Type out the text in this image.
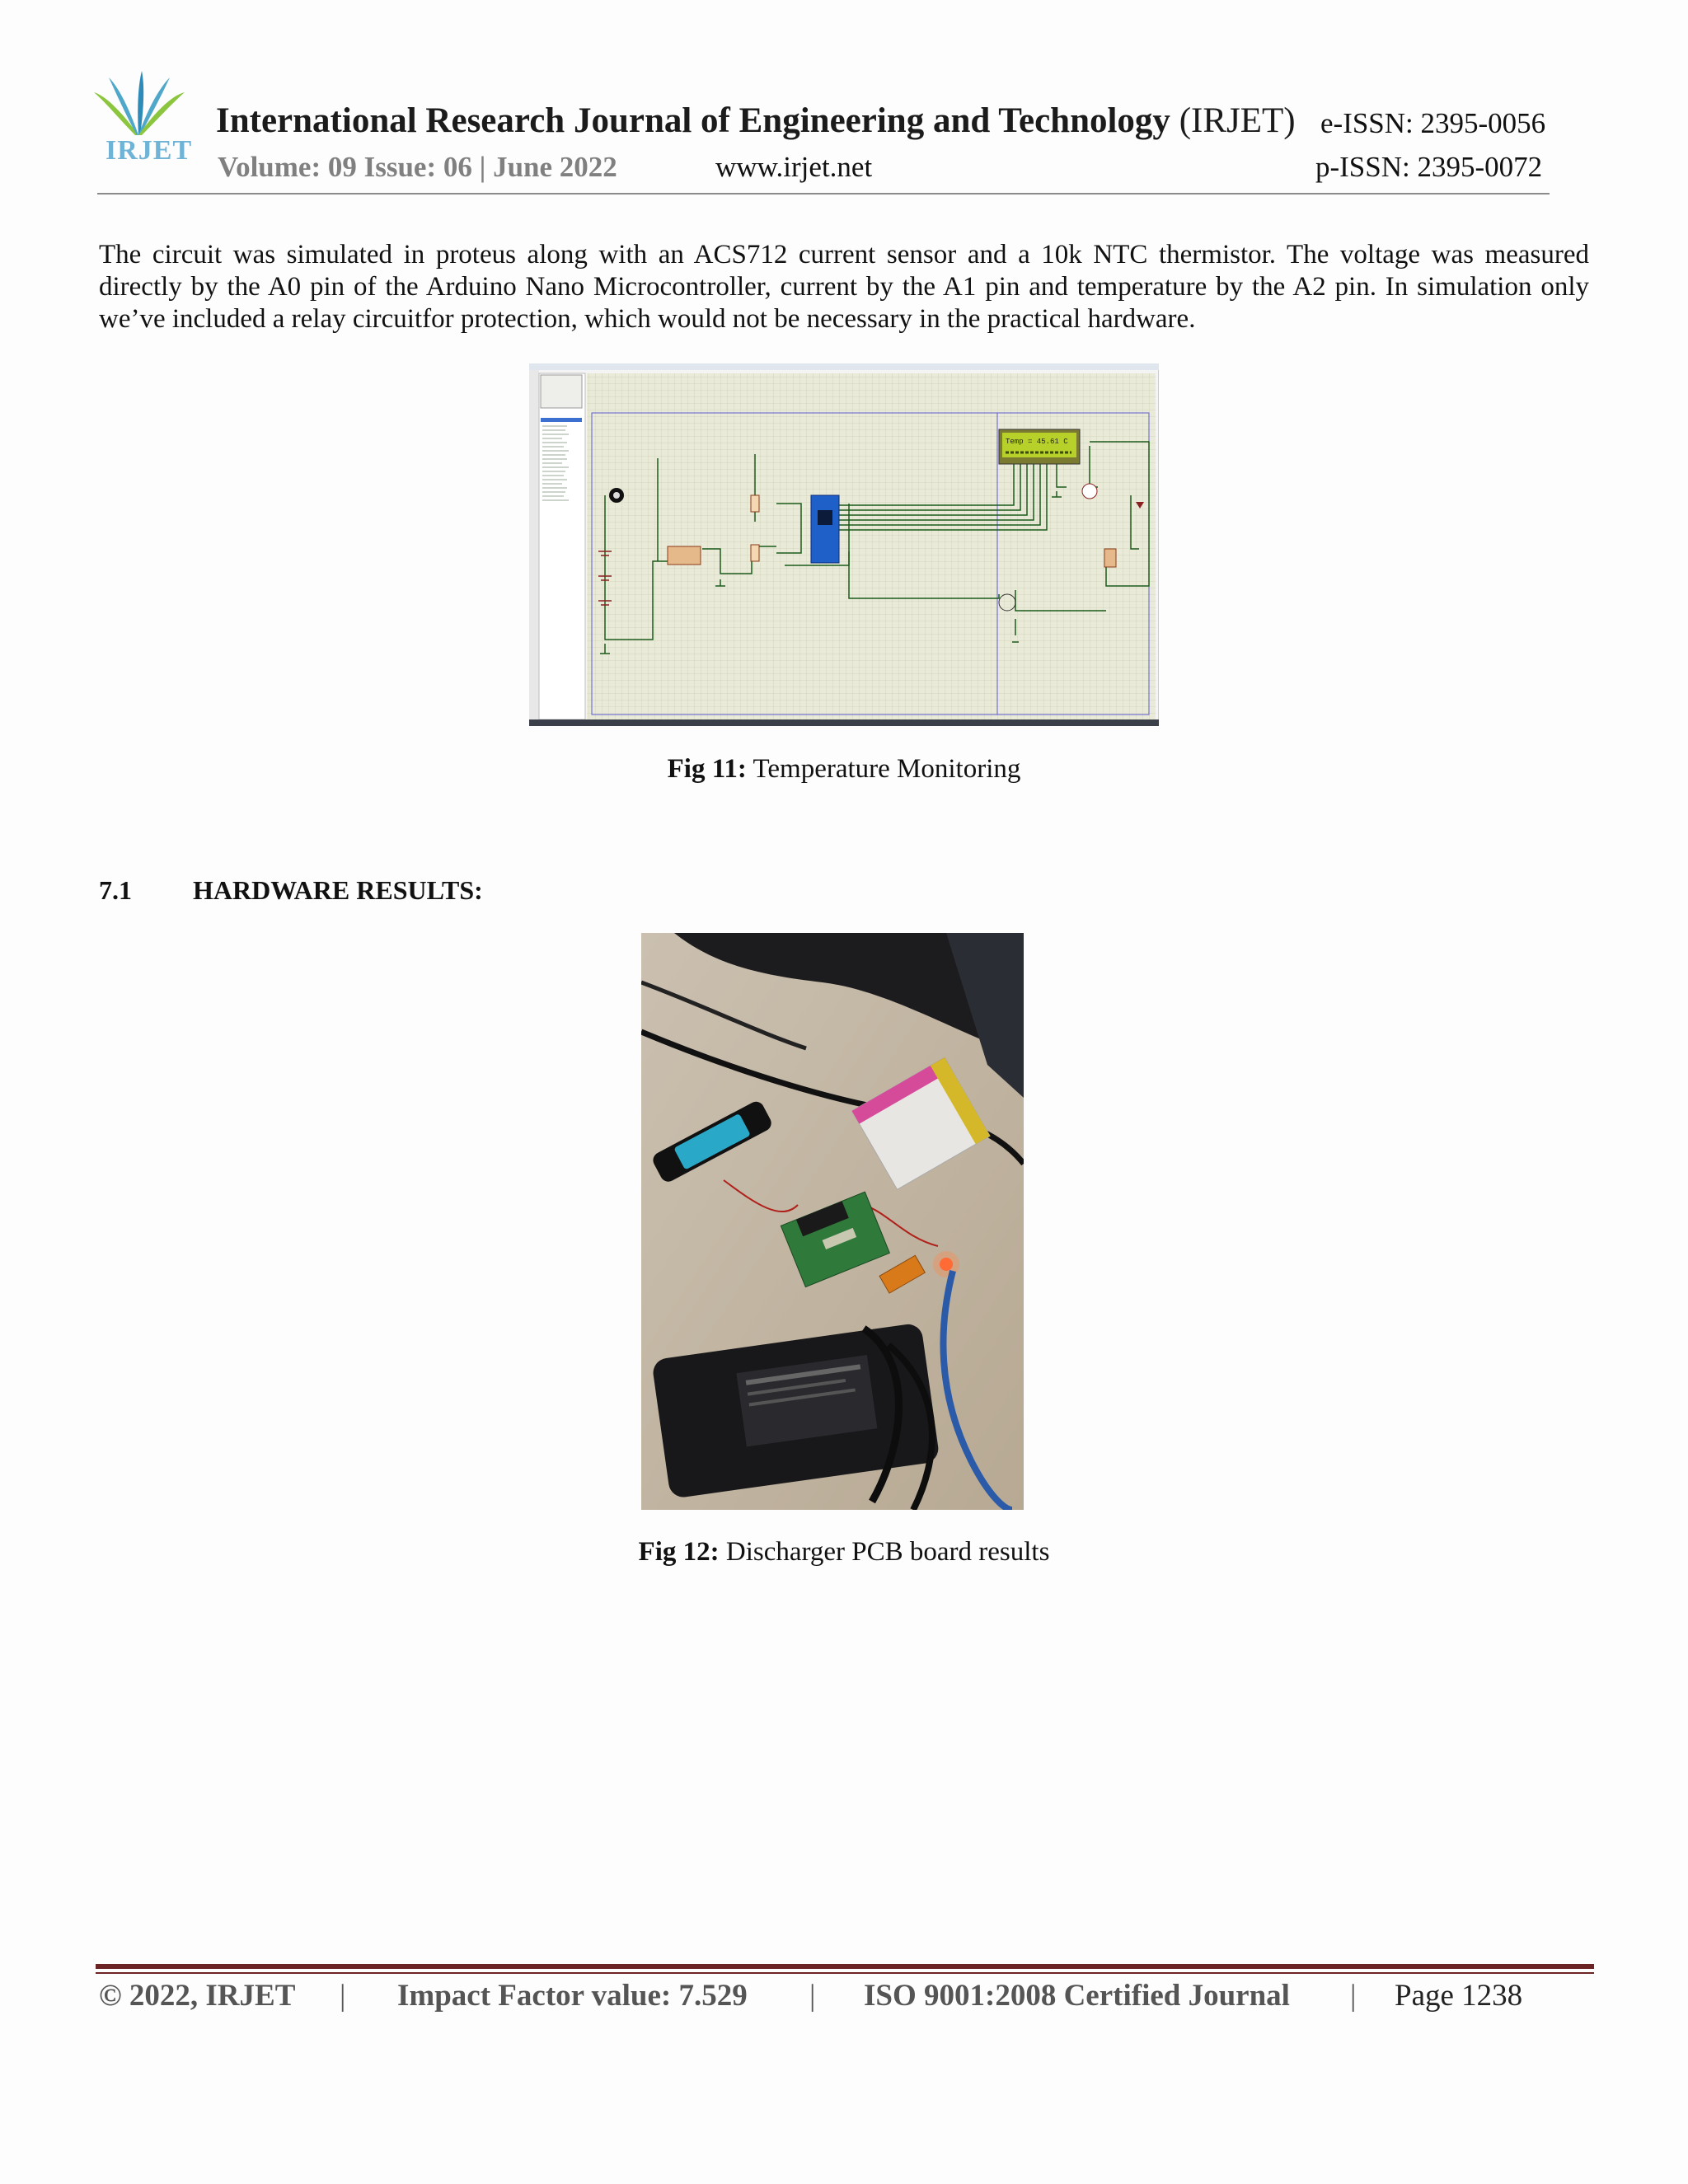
IRJET
International Research Journal of Engineering and Technology (IRJET) e-ISSN: 2395-0056
Volume: 09 Issue: 06 | June 2022	www.irjet.net	p-ISSN: 2395-0072
The circuit was simulated in proteus along with an ACS712 current sensor and a 10k NTC thermistor. The voltage was measured directly by the A0 pin of the Arduino Nano Microcontroller, current by the A1 pin and temperature by the A2 pin. In simulation only we’ve included a relay circuitfor protection, which would not be necessary in the practical hardware.
Temp = 45.61 C
Fig 11: Temperature Monitoring
7.1 HARDWARE RESULTS:
Fig 12: Discharger PCB board results
© 2022, IRJET | Impact Factor value: 7.529 | ISO 9001:2008 Certified Journal | Page 1238
